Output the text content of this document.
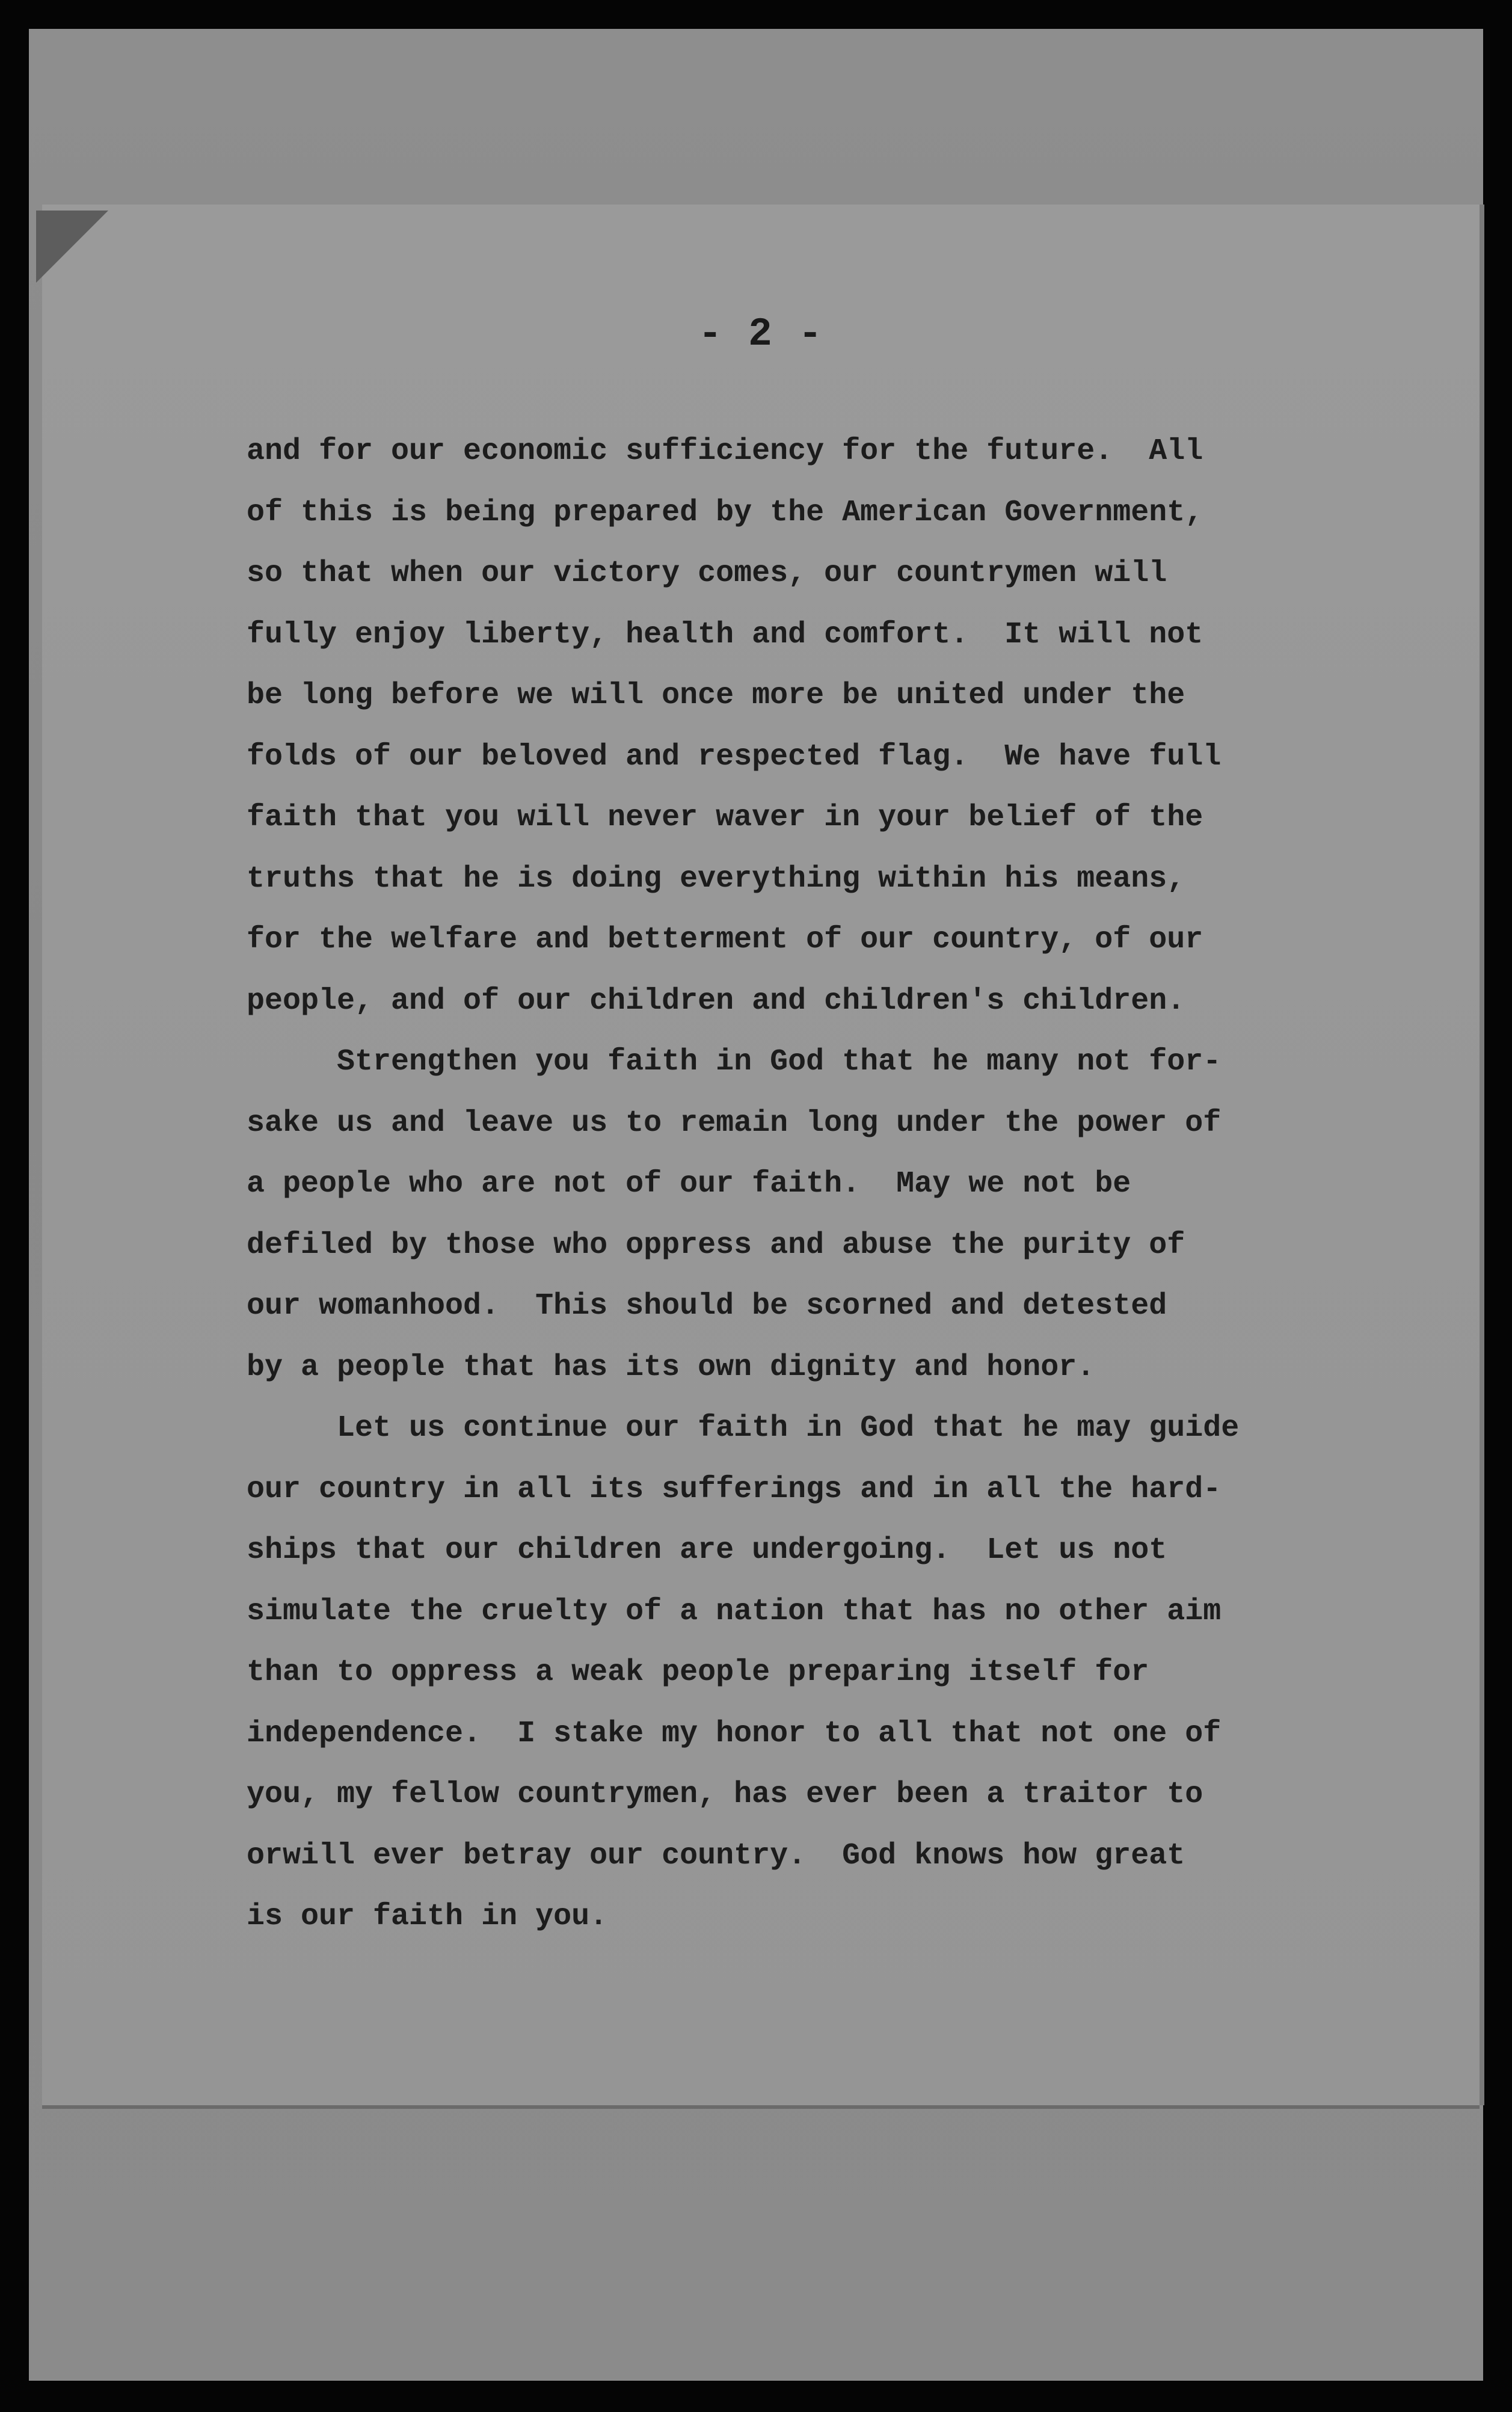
- 2 -
and for our economic sufficiency for the future.  All
of this is being prepared by the American Government,
so that when our victory comes, our countrymen will
fully enjoy liberty, health and comfort.  It will not
be long before we will once more be united under the
folds of our beloved and respected flag.  We have full
faith that you will never waver in your belief of the
truths that he is doing everything within his means,
for the welfare and betterment of our country, of our
people, and of our children and children's children.
Strengthen you faith in God that he many not for-
sake us and leave us to remain long under the power of
a people who are not of our faith.  May we not be
defiled by those who oppress and abuse the purity of
our womanhood.  This should be scorned and detested
by a people that has its own dignity and honor.
Let us continue our faith in God that he may guide
our country in all its sufferings and in all the hard-
ships that our children are undergoing.  Let us not
simulate the cruelty of a nation that has no other aim
than to oppress a weak people preparing itself for
independence.  I stake my honor to all that not one of
you, my fellow countrymen, has ever been a traitor to
orwill ever betray our country.  God knows how great
is our faith in you.
